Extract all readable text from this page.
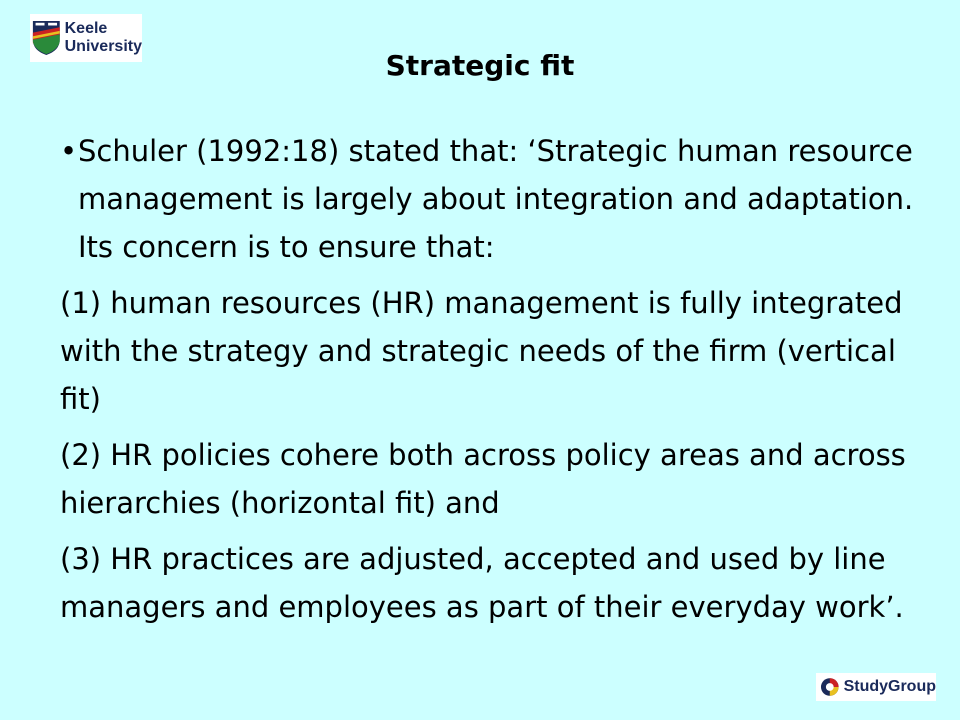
Keele
University
Strategic fit
• Schuler (1992:18) stated that: ‘Strategic human resource management is largely about integration and adaptation. Its concern is to ensure that:

(1) human resources (HR) management is fully integrated with the strategy and strategic needs of the firm (vertical fit)

(2) HR policies cohere both across policy areas and across hierarchies (horizontal fit) and

(3) HR practices are adjusted, accepted and used by line managers and employees as part of their everyday work’.

StudyGroup
